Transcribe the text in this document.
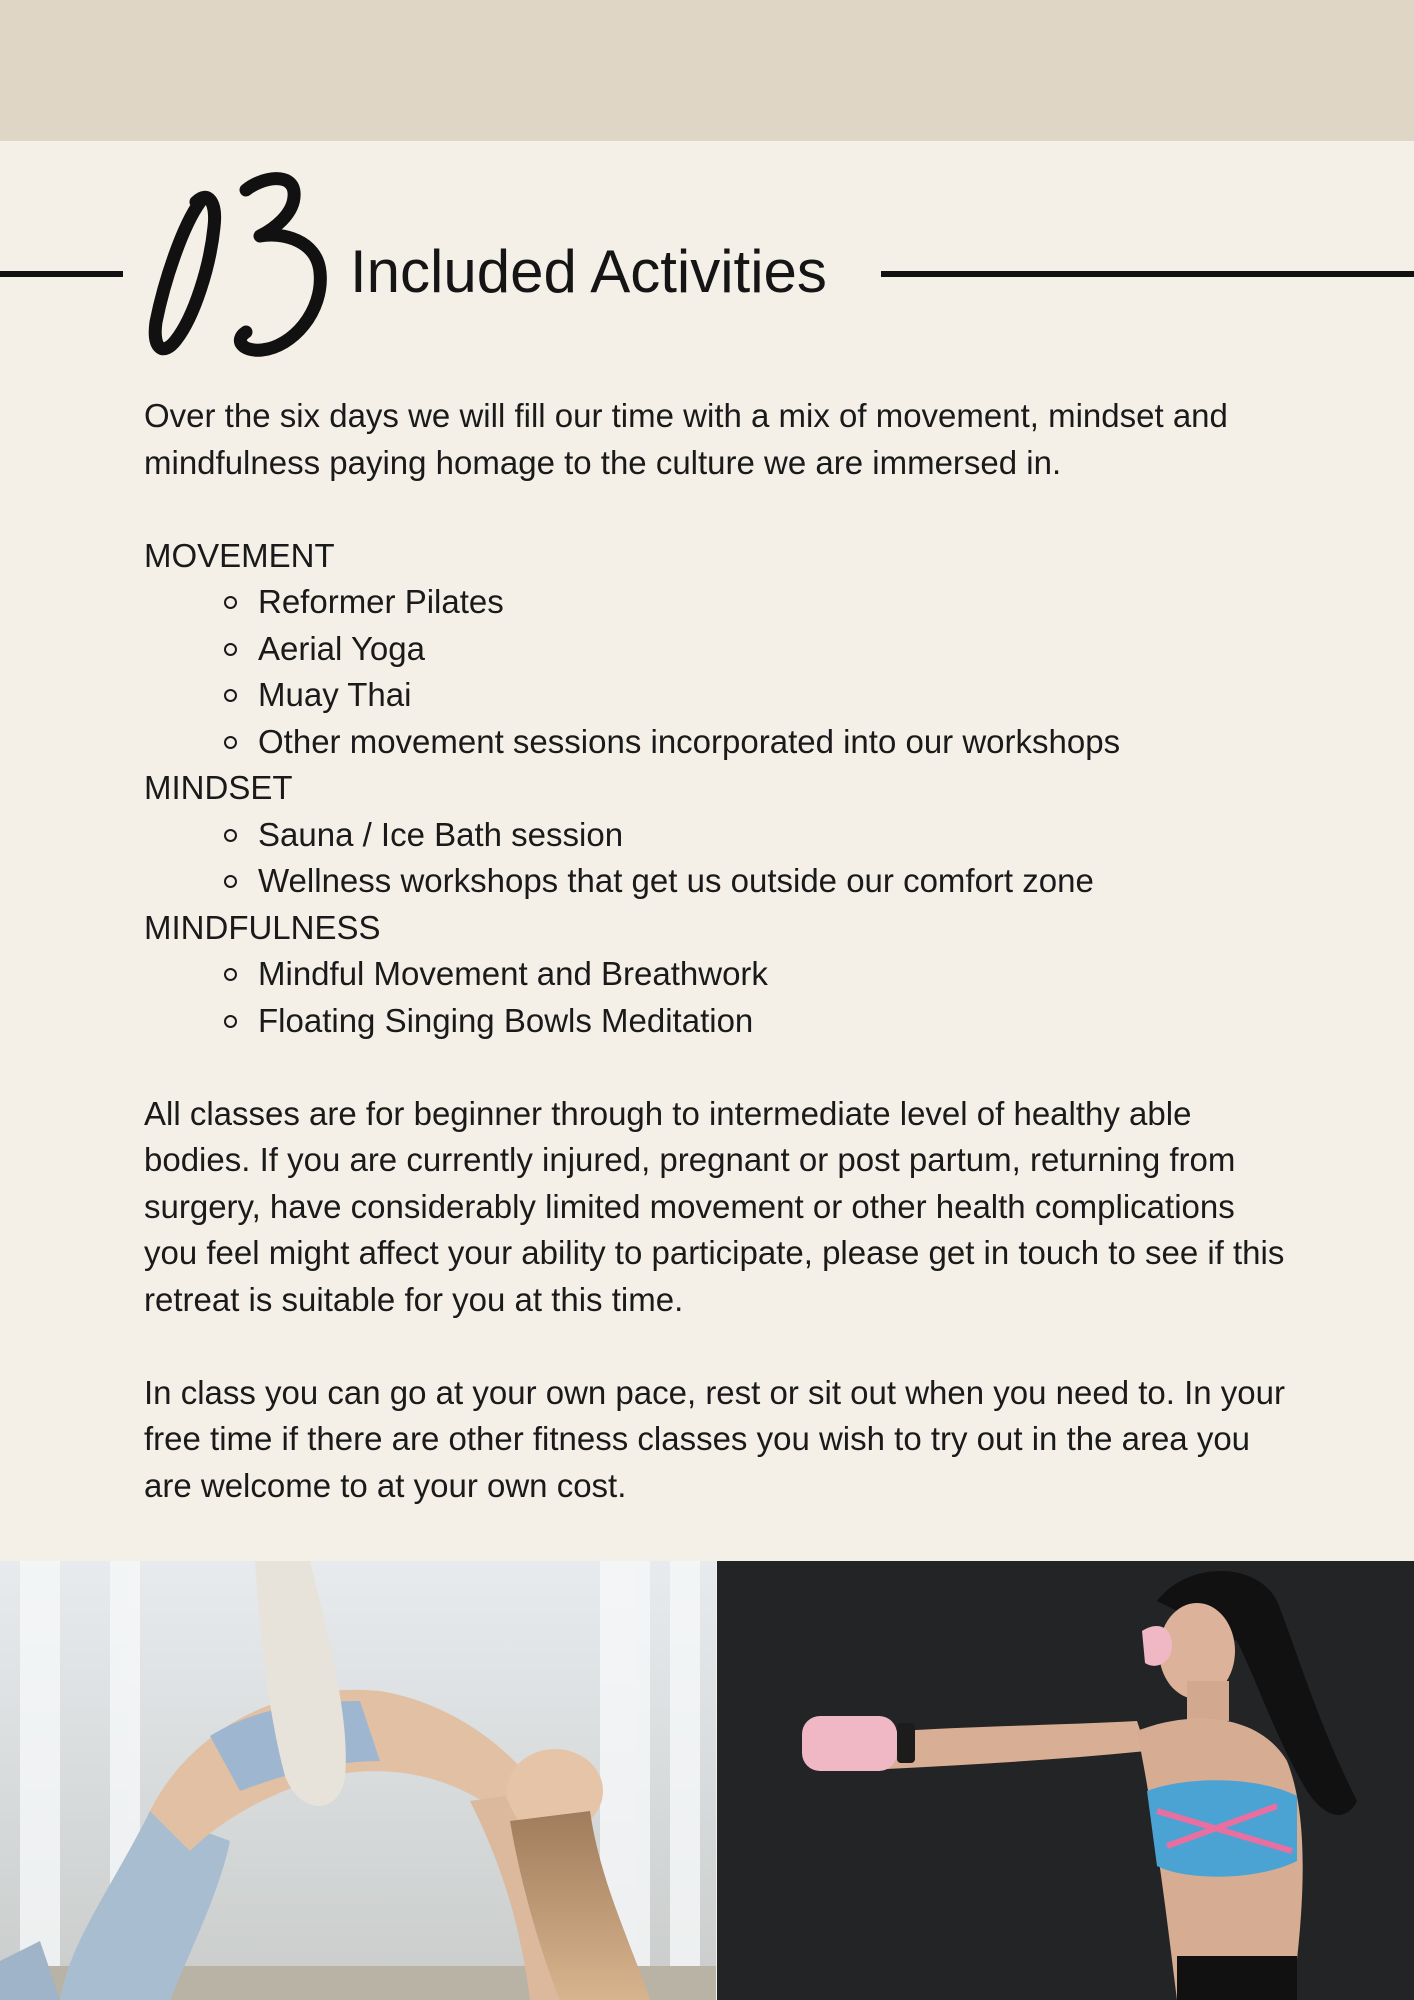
Included Activities

Over the six days we will fill our time with a mix of movement, mindset and mindfulness paying homage to the culture we are immersed in.

MOVEMENT
Reformer Pilates
Aerial Yoga
Muay Thai
Other movement sessions incorporated into our workshops
MINDSET
Sauna / Ice Bath session
Wellness workshops that get us outside our comfort zone
MINDFULNESS
Mindful Movement and Breathwork
Floating Singing Bowls Meditation

All classes are for beginner through to intermediate level of healthy able bodies. If you are currently injured, pregnant or post partum, returning from surgery, have considerably limited movement or other health complications you feel might affect your ability to participate, please get in touch to see if this retreat is suitable for you at this time.

In class you can go at your own pace, rest or sit out when you need to. In your free time if there are other fitness classes you wish to try out in the area you are welcome to at your own cost.
